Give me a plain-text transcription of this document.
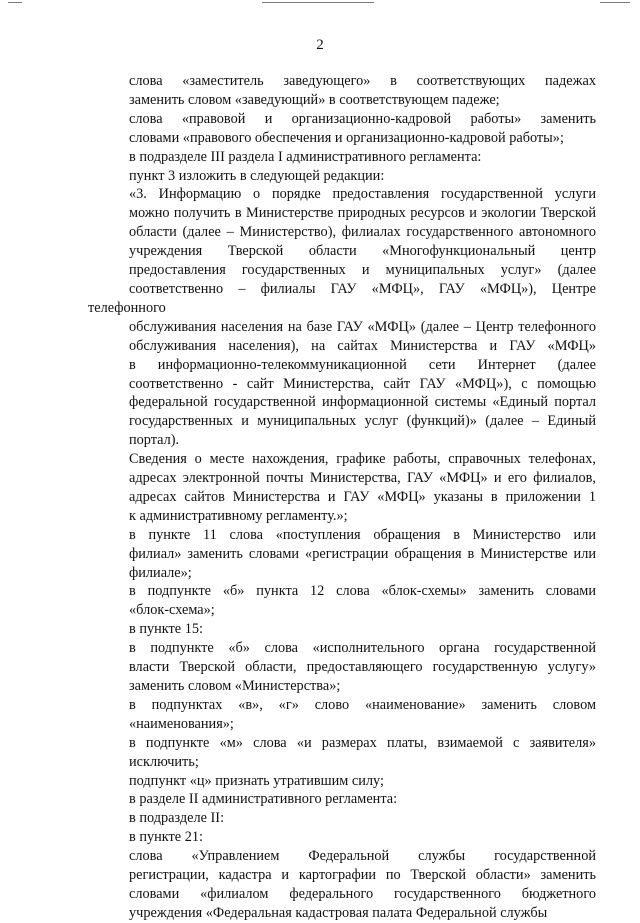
2

слова «заместитель заведующего» в соответствующих падежах
заменить словом «заведующий» в соответствующем падеже;

слова «правовой и организационно-кадровой работы» заменить
словами «правового обеспечения и организационно-кадровой работы»;

в подразделе III раздела I административного регламента:

пункт 3 изложить в следующей редакции:

«3. Информацию о порядке предоставления государственной услуги
можно получить в Министерстве природных ресурсов и экологии Тверской
области (далее – Министерство), филиалах государственного автономного
учреждения Тверской области «Многофункциональный центр
предоставления государственных и муниципальных услуг» (далее
соответственно – филиалы ГАУ «МФЦ», ГАУ «МФЦ»), Центре телефонного
обслуживания населения на базе ГАУ «МФЦ» (далее – Центр телефонного
обслуживания населения), на сайтах Министерства и ГАУ «МФЦ»
в информационно-телекоммуникационной сети Интернет (далее
соответственно - сайт Министерства, сайт ГАУ «МФЦ»), с помощью
федеральной государственной информационной системы «Единый портал
государственных и муниципальных услуг (функций)» (далее – Единый
портал).

Сведения о месте нахождения, графике работы, справочных телефонах,
адресах электронной почты Министерства, ГАУ «МФЦ» и его филиалов,
адресах сайтов Министерства и ГАУ «МФЦ» указаны в приложении 1
к административному регламенту.»;

в пункте 11 слова «поступления обращения в Министерство или
филиал» заменить словами «регистрации обращения в Министерстве или
филиале»;

в подпункте «б» пункта 12 слова «блок-схемы» заменить словами
«блок-схема»;

в пункте 15:

в подпункте «б» слова «исполнительного органа государственной
власти Тверской области, предоставляющего государственную услугу»
заменить словом «Министерства»;

в подпунктах «в», «г» слово «наименование» заменить словом
«наименования»;

в подпункте «м» слова «и размерах платы, взимаемой с заявителя»
исключить;

подпункт «ц» признать утратившим силу;

в разделе II административного регламента:

в подразделе II:

в пункте 21:

слова «Управлением Федеральной службы государственной
регистрации, кадастра и картографии по Тверской области» заменить
словами «филиалом федерального государственного бюджетного
учреждения «Федеральная кадастровая палата Федеральной службы
